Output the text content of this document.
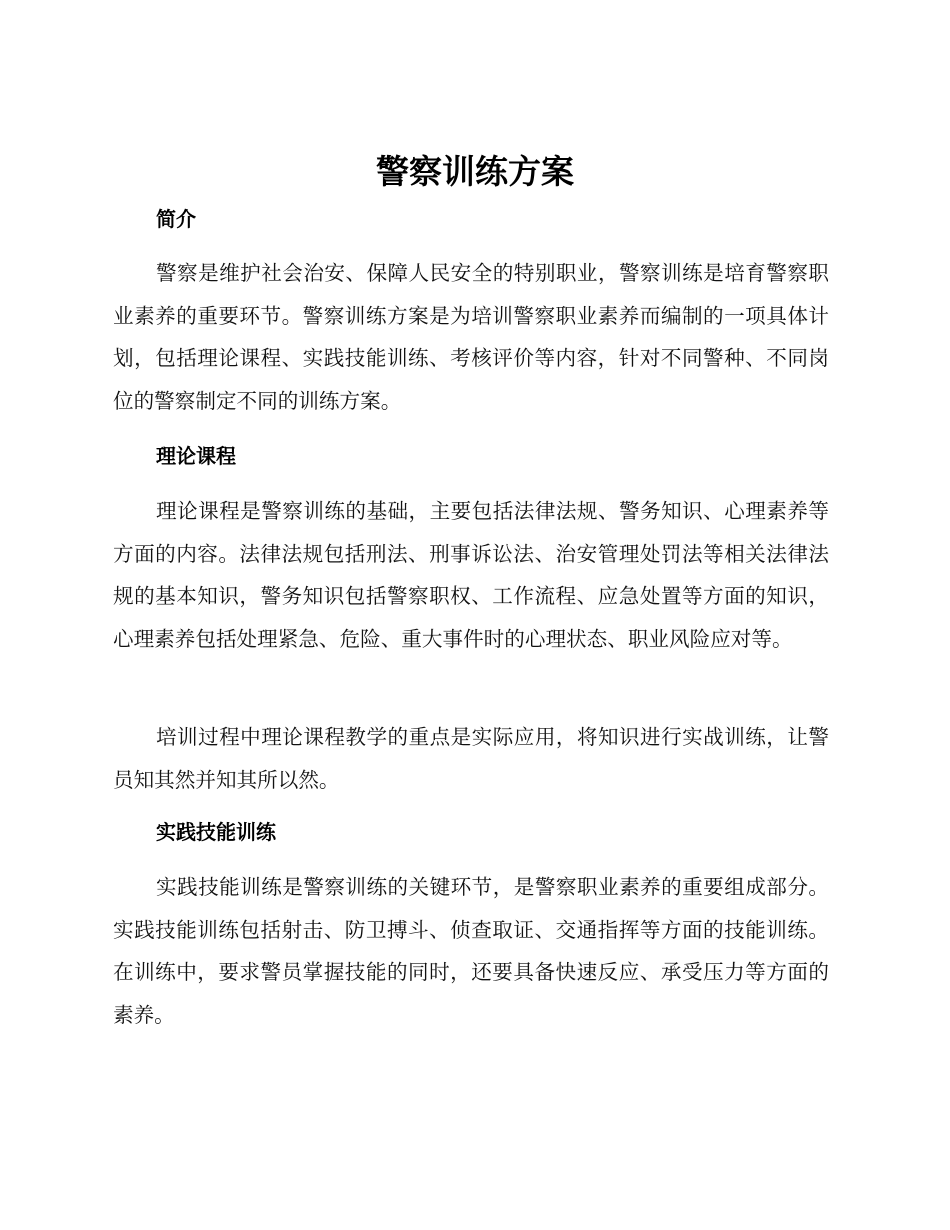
警察训练方案
简介

警察是维护社会治安、保障人民安全的特别职业，警察训练是培育警察职业素养的重要环节。警察训练方案是为培训警察职业素养而编制的一项具体计划，包括理论课程、实践技能训练、考核评价等内容，针对不同警种、不同岗位的警察制定不同的训练方案。

理论课程

理论课程是警察训练的基础，主要包括法律法规、警务知识、心理素养等方面的内容。法律法规包括刑法、刑事诉讼法、治安管理处罚法等相关法律法规的基本知识，警务知识包括警察职权、工作流程、应急处置等方面的知识，心理素养包括处理紧急、危险、重大事件时的心理状态、职业风险应对等。

培训过程中理论课程教学的重点是实际应用，将知识进行实战训练，让警员知其然并知其所以然。

实践技能训练

实践技能训练是警察训练的关键环节，是警察职业素养的重要组成部分。实践技能训练包括射击、防卫搏斗、侦查取证、交通指挥等方面的技能训练。在训练中，要求警员掌握技能的同时，还要具备快速反应、承受压力等方面的素养。
